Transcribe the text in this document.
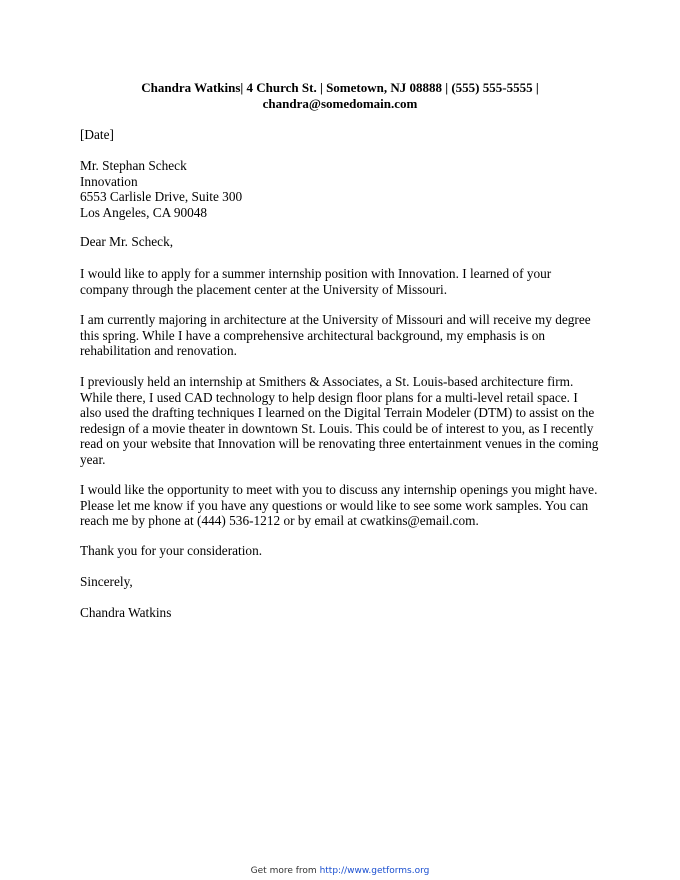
Chandra Watkins| 4 Church St. | Sometown, NJ 08888 | (555) 555-5555 |
chandra@somedomain.com
[Date]
Mr. Stephan Scheck
Innovation
6553 Carlisle Drive, Suite 300
Los Angeles, CA 90048
Dear Mr. Scheck,
I would like to apply for a summer internship position with Innovation. I learned of your
company through the placement center at the University of Missouri.
I am currently majoring in architecture at the University of Missouri and will receive my degree
this spring. While I have a comprehensive architectural background, my emphasis is on
rehabilitation and renovation.
I previously held an internship at Smithers & Associates, a St. Louis-based architecture firm.
While there, I used CAD technology to help design floor plans for a multi-level retail space. I
also used the drafting techniques I learned on the Digital Terrain Modeler (DTM) to assist on the
redesign of a movie theater in downtown St. Louis. This could be of interest to you, as I recently
read on your website that Innovation will be renovating three entertainment venues in the coming
year.
I would like the opportunity to meet with you to discuss any internship openings you might have.
Please let me know if you have any questions or would like to see some work samples. You can
reach me by phone at (444) 536-1212 or by email at cwatkins@email.com.
Thank you for your consideration.
Sincerely,
Chandra Watkins
Get more from http://www.getforms.org
